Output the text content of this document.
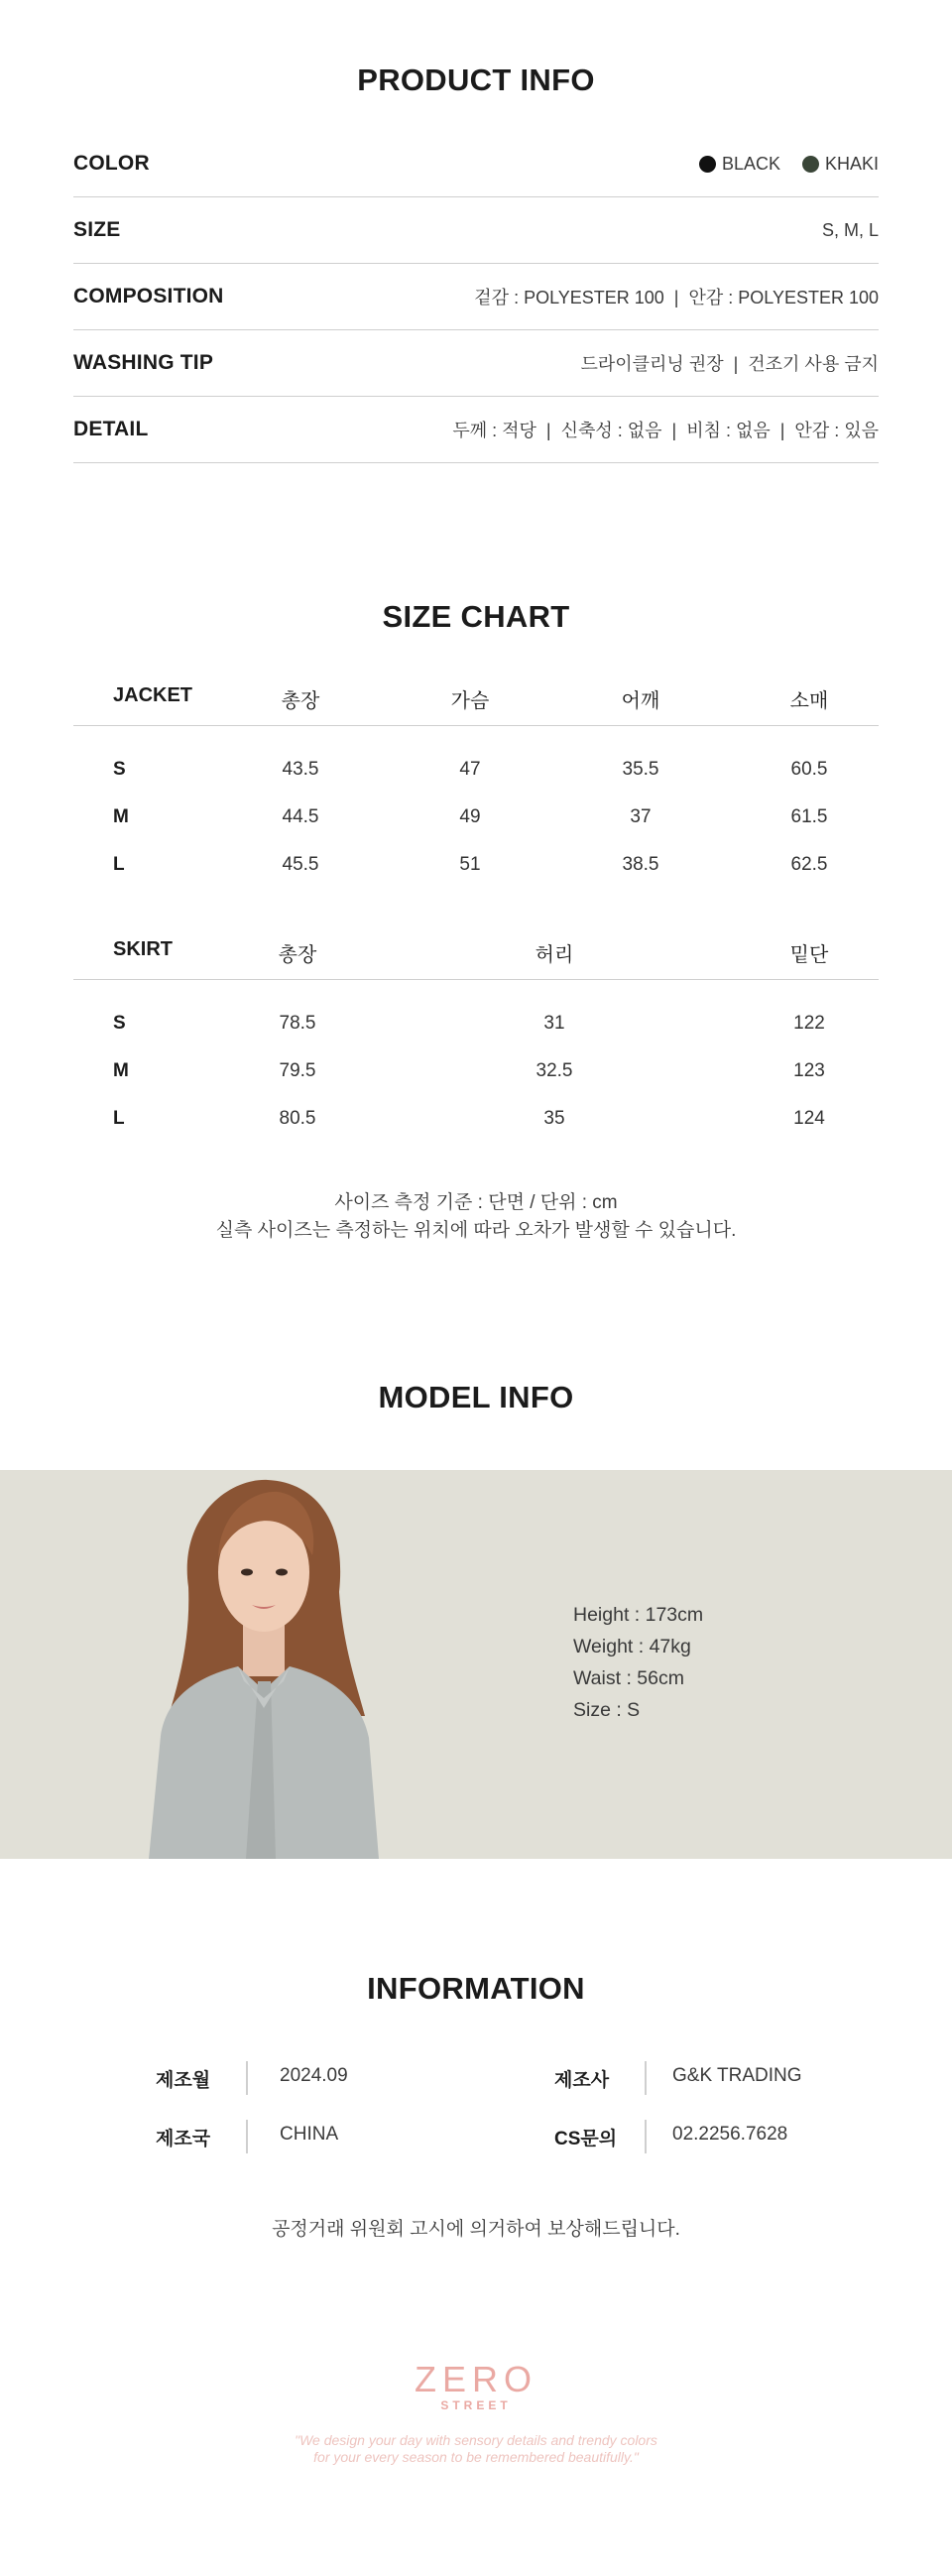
PRODUCT INFO
COLOR	BLACK	KHAKI
SIZE	S, M, L
COMPOSITION	겉감 : POLYESTER 100  |  안감 : POLYESTER 100
WASHING TIP	드라이클리닝 권장  |  건조기 사용 금지
DETAIL	두께 : 적당  |  신축성 : 없음  |  비침 : 없음  |  안감 : 있음
SIZE CHART
JACKET	총장	가슴	어깨	소매
S	43.5	47	35.5	60.5
M	44.5	49	37	61.5
L	45.5	51	38.5	62.5
SKIRT	총장	허리	밑단
S	78.5	31	122
M	79.5	32.5	123
L	80.5	35	124
사이즈 측정 기준 : 단면 / 단위 : cm
실측 사이즈는 측정하는 위치에 따라 오차가 발생할 수 있습니다.
MODEL INFO
Height : 173cm
Weight : 47kg
Waist : 56cm
Size : S
INFORMATION
제조월	2024.09	제조사	G&K TRADING
제조국	CHINA	CS문의	02.2256.7628
공정거래 위원회 고시에 의거하여 보상해드립니다.
ZERO
STREET
"We design your day with sensory details and trendy colors
for your every season to be remembered beautifully."
